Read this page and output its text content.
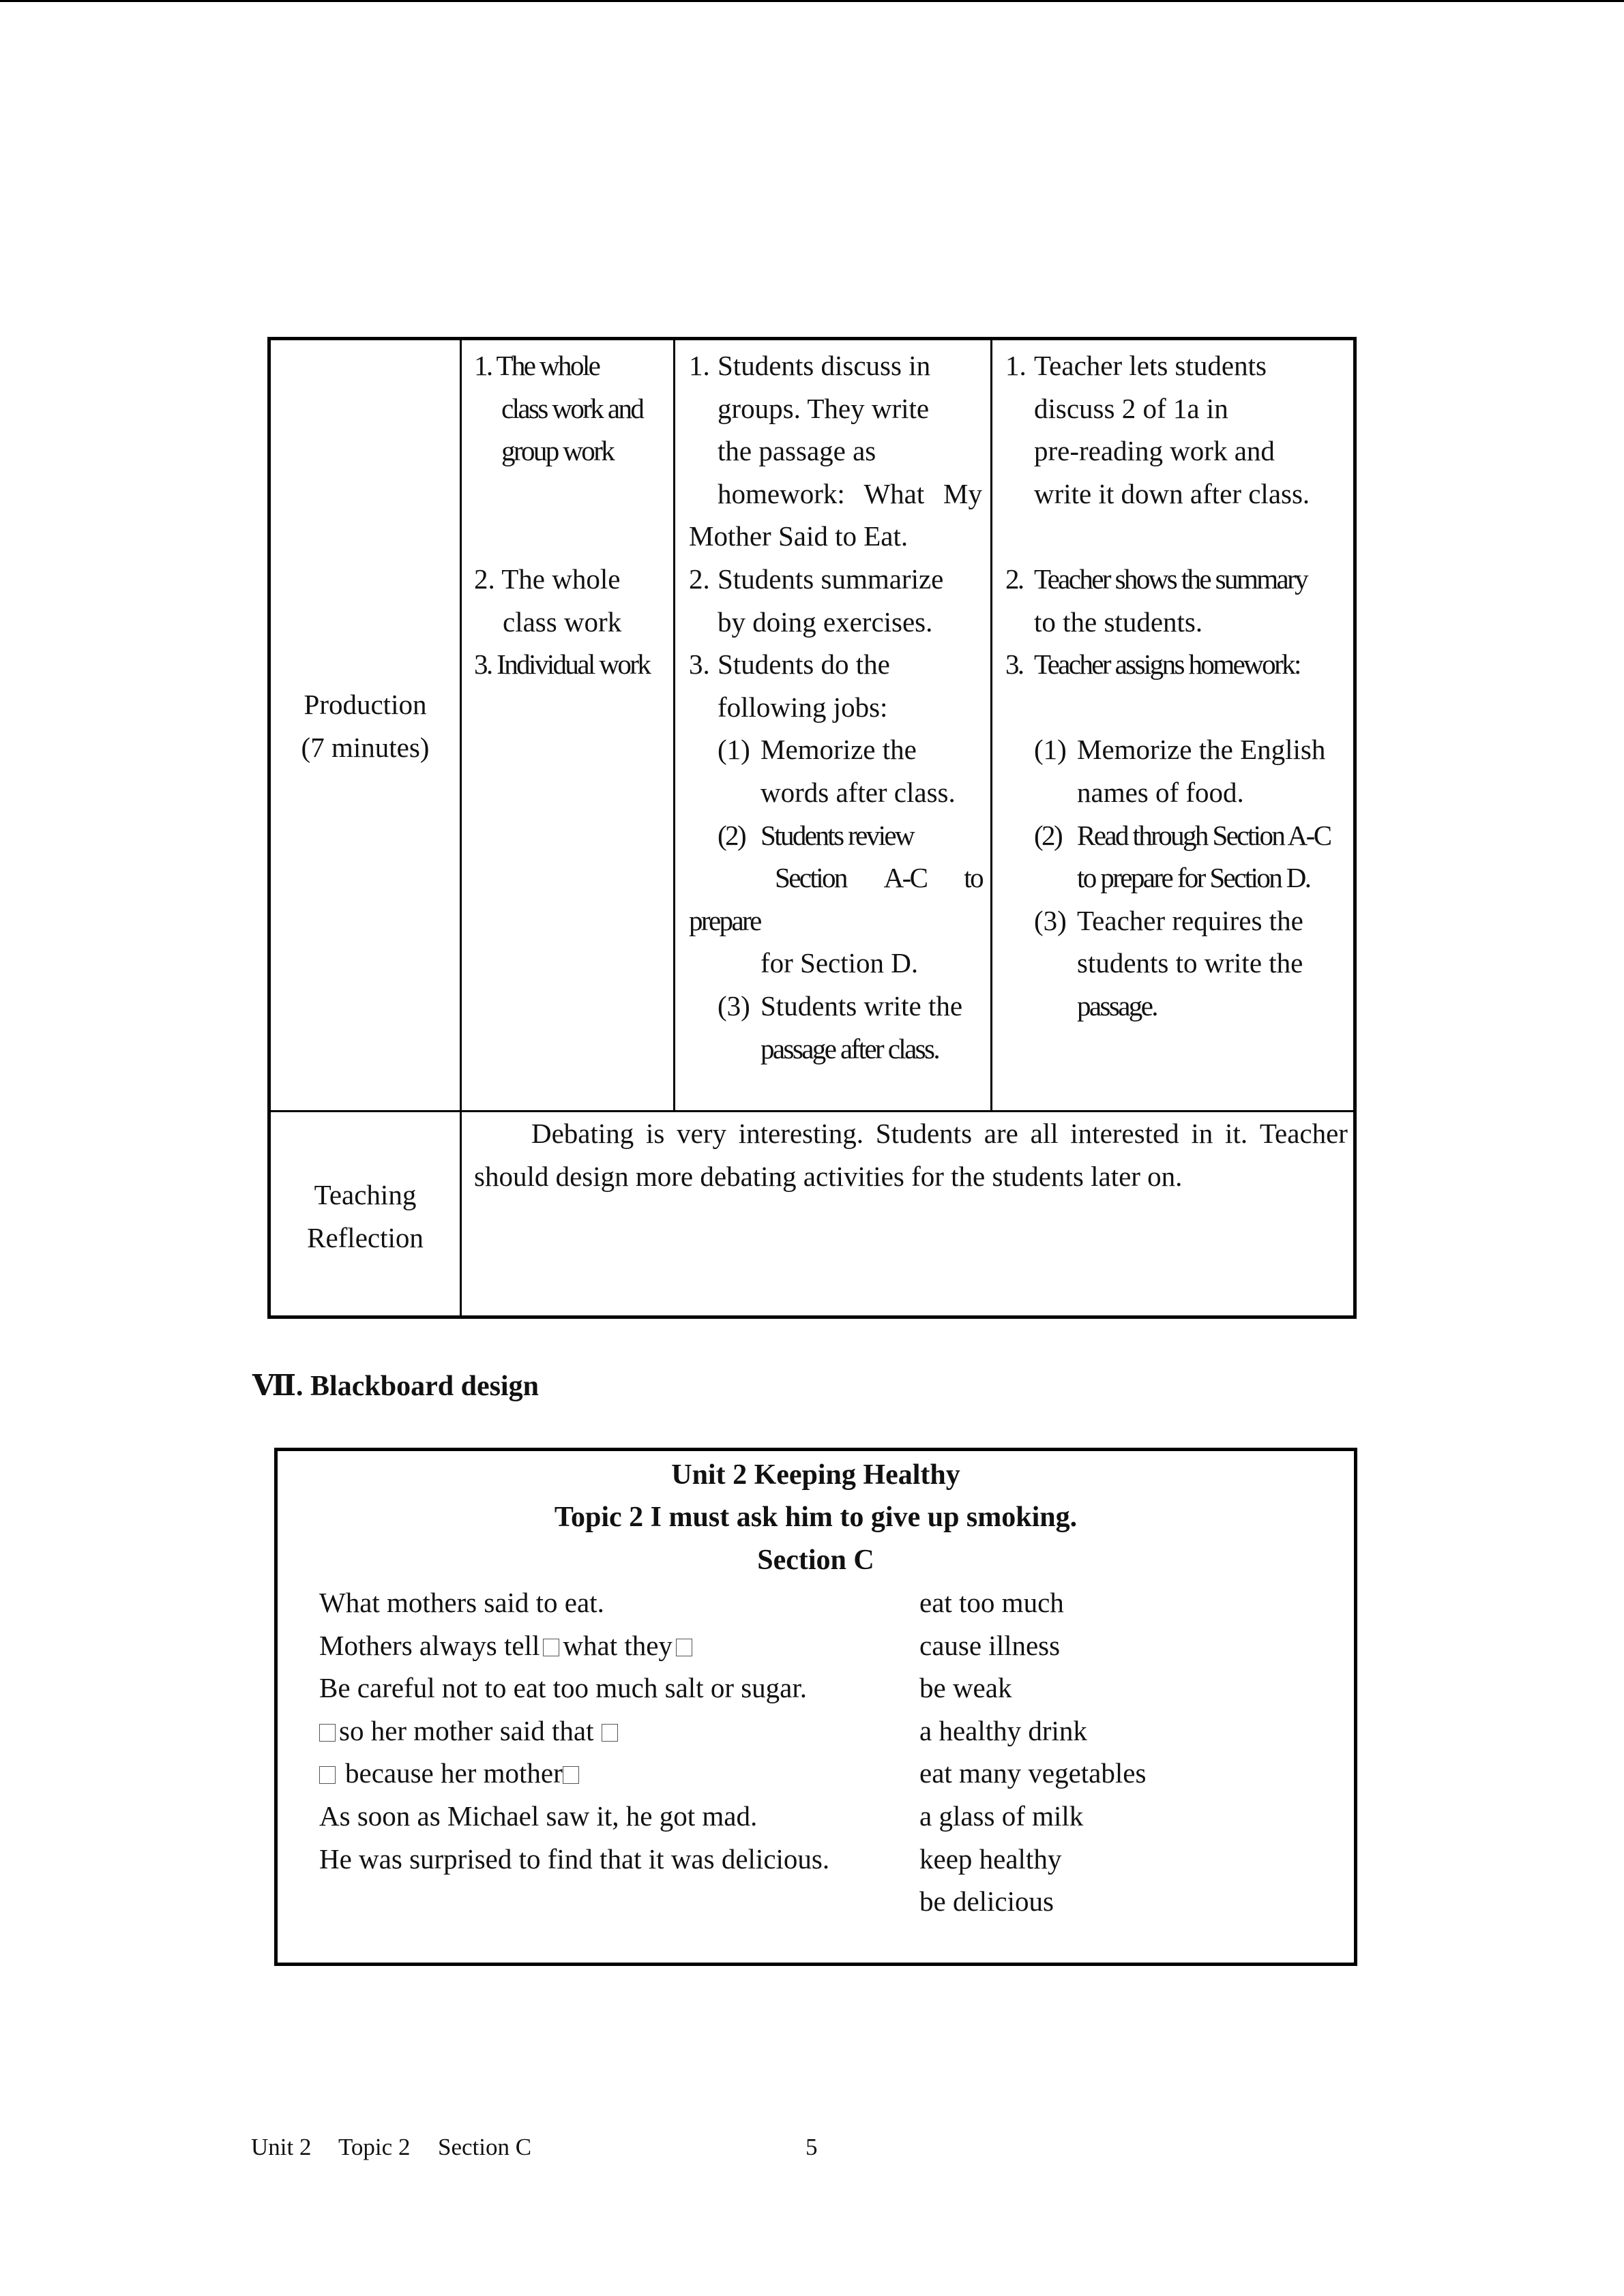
Production
(7 minutes)
1. The whole
class work and
group work
2. The whole
class work
3. Individual work
1. Students discuss in
groups. They write
the passage as
homework: What My
Mother Said to Eat.
2. Students summarize
by doing exercises.
3. Students do the
following jobs:
(1) Memorize the
words after class.
(2) Students review
Section A-C to
prepare
for Section D.
(3) Students write the
passage after class.
1. Teacher lets students
discuss 2 of 1a in
pre-reading work and
write it down after class.
2. Teacher shows the summary
to the students.
3. Teacher assigns homework:
(1) Memorize the English
names of food.
(2) Read through Section A-C
to prepare for Section D.
(3) Teacher requires the
students to write the
passage.
Teaching
Reflection
Debating is very interesting. Students are all interested in it. Teacher
should design more debating activities for the students later on.
Ⅶ. Blackboard design
Unit 2 Keeping Healthy
Topic 2 I must ask him to give up smoking.
Section C
What mothers said to eat.
Mothers always tell what they
Be careful not to eat too much salt or sugar.
so her mother said that
because her mother
As soon as Michael saw it, he got mad.
He was surprised to find that it was delicious.
eat too much
cause illness
be weak
a healthy drink
eat many vegetables
a glass of milk
keep healthy
be delicious
Unit 2 Topic 2 Section C	5
